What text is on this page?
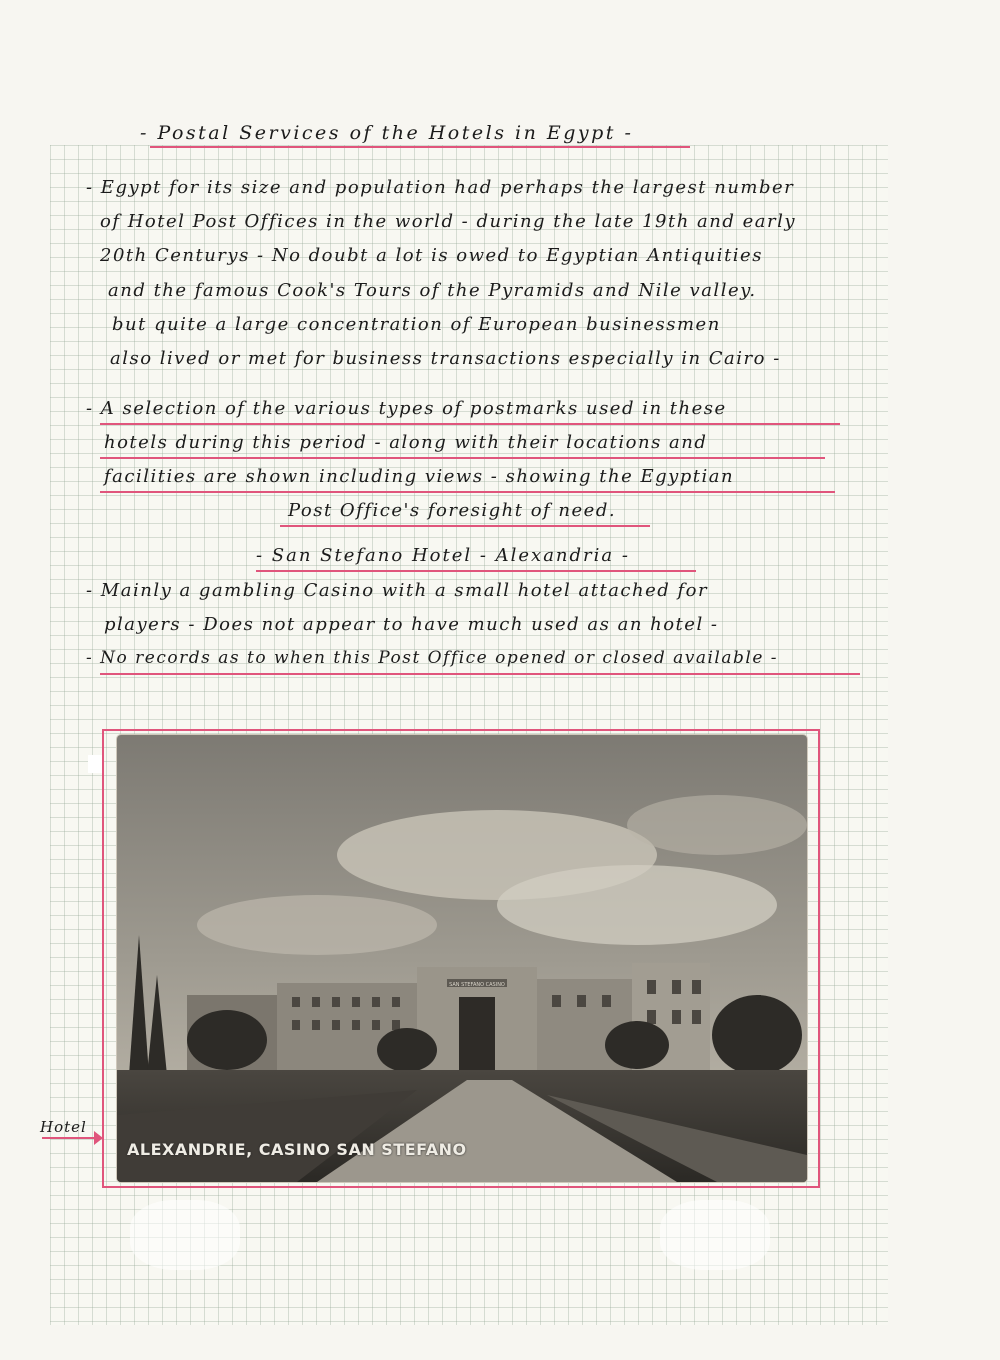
- Postal Services of the Hotels in Egypt -
- Egypt for its size and population had perhaps the largest number
of Hotel Post Offices in the world - during the late 19th and early
20th Centurys - No doubt a lot is owed to Egyptian Antiquities
and the famous Cook's Tours of the Pyramids and Nile valley.
but quite a large concentration of European businessmen
also lived or met for business transactions especially in Cairo -
- A selection of the various types of postmarks used in these
hotels during this period - along with their locations and
facilities are shown including views - showing the Egyptian
Post Office's foresight of need.
- San Stefano Hotel - Alexandria -
- Mainly a gambling Casino with a small hotel attached for
players - Does not appear to have much used as an hotel -
- No records as to when this Post Office opened or closed available -
SAN STEFANO CASINO
ALEXANDRIE, CASINO SAN STEFANO
Hotel
